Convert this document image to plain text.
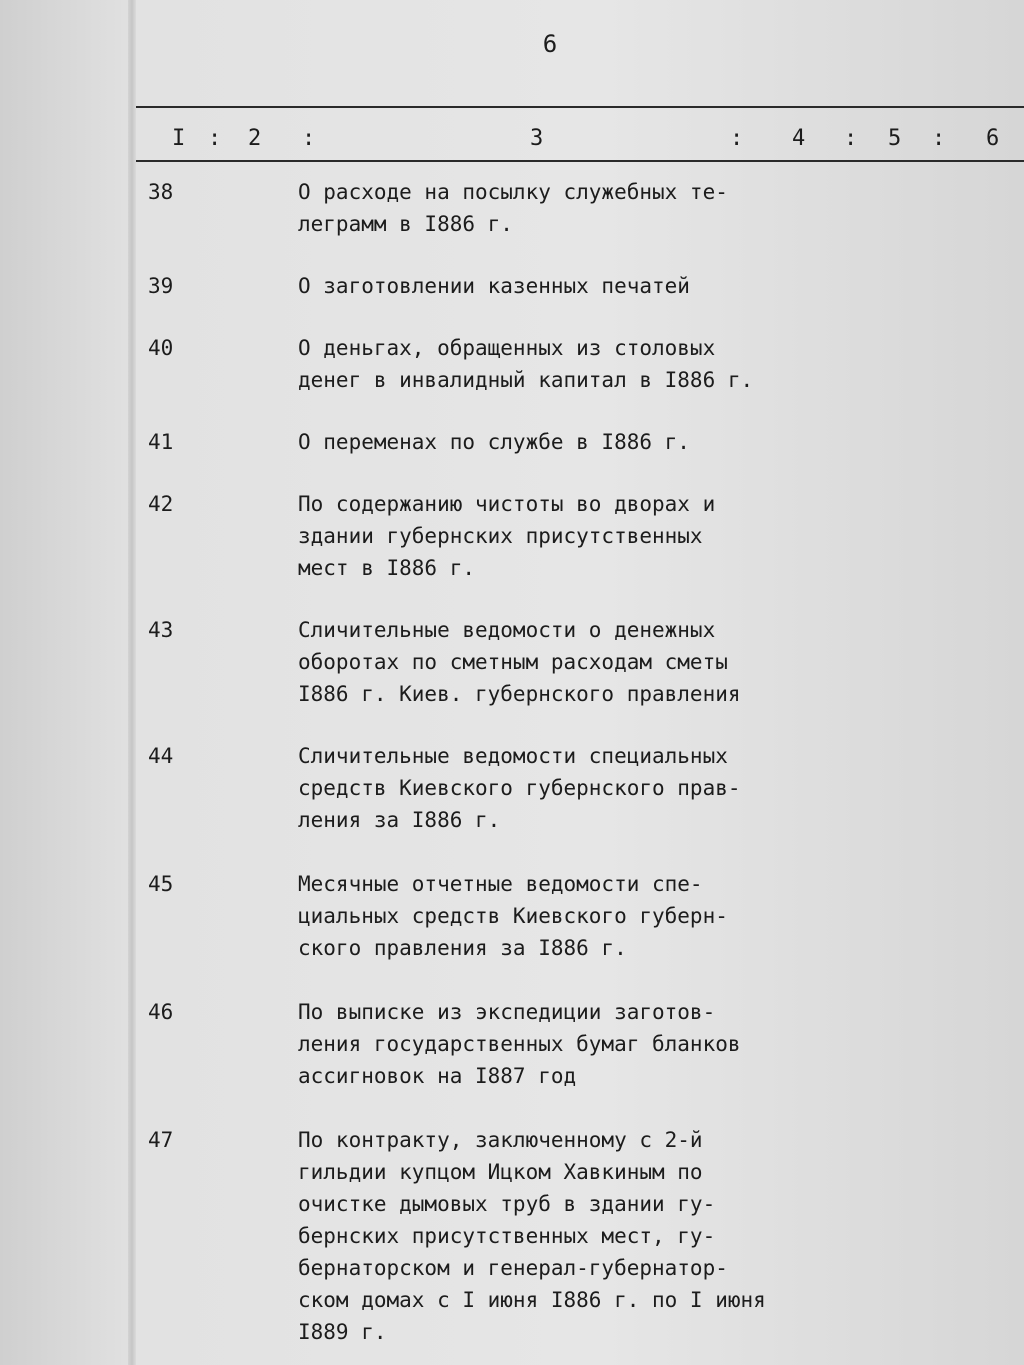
6
I : 2 :	3	: 4 : 5 : 6
38	О расходе на посылку служебных те-
леграмм в I886 г.
39	О заготовлении казенных печатей
40	О деньгах, обращенных из столовых
денег в инвалидный капитал в I886 г.
41	О переменах по службе в I886 г.
42	По содержанию чистоты во дворах и
здании губернских присутственных
мест в I886 г.
43	Сличительные ведомости о денежных
оборотах по сметным расходам сметы
I886 г. Киев. губернского правления
44	Сличительные ведомости специальных
средств Киевского губернского прав-
ления за I886 г.
45	Месячные отчетные ведомости спе-
циальных средств Киевского губерн-
ского правления за I886 г.
46	По выписке из экспедиции заготов-
ления государственных бумаг бланков
ассигновок на I887 год
47	По контракту, заключенному с 2-й
гильдии купцом Ицком Хавкиным по
очистке дымовых труб в здании гу-
бернских присутственных мест, гу-
бернаторском и генерал-губернатор-
ском домах с I июня I886 г. по I июня
I889 г.
